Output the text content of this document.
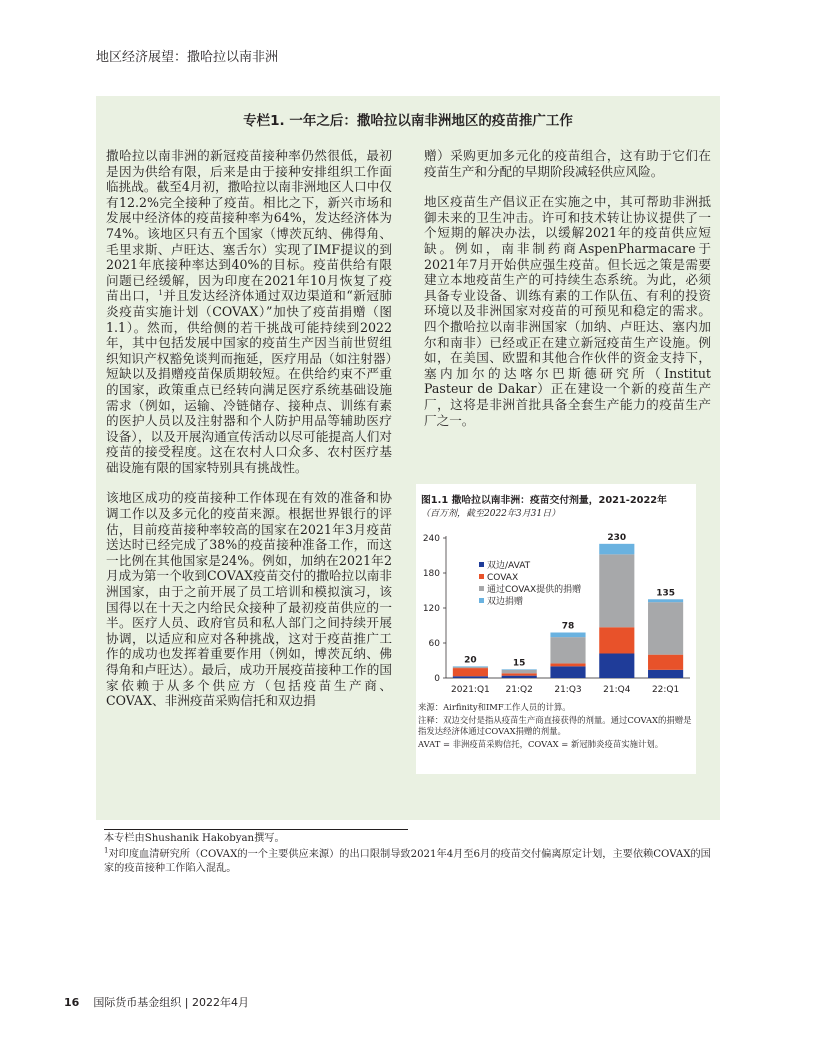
地区经济展望：撒哈拉以南非洲
专栏1. 一年之后：撒哈拉以南非洲地区的疫苗推广工作

撒哈拉以南非洲的新冠疫苗接种率仍然很低，最初是因为供给有限，后来是由于接种安排组织工作面临挑战。截至4月初，撒哈拉以南非洲地区人口中仅有12.2%完全接种了疫苗。相比之下，新兴市场和发展中经济体的疫苗接种率为64%，发达经济体为74%。该地区只有五个国家（博茨瓦纳、佛得角、毛里求斯、卢旺达、塞舌尔）实现了IMF提议的到2021年底接种率达到40%的目标。疫苗供给有限问题已经缓解，因为印度在2021年10月恢复了疫苗出口，$^1$并且发达经济体通过双边渠道和“新冠肺炎疫苗实施计划（COVAX）”加快了疫苗捐赠（图1.1）。然而，供给侧的若干挑战可能持续到2022年，其中包括发展中国家的疫苗生产因当前世贸组织知识产权豁免谈判而拖延，医疗用品（如注射器）短缺以及捐赠疫苗保质期较短。在供给约束不严重的国家，政策重点已经转向满足医疗系统基础设施需求（例如，运输、冷链储存、接种点、训练有素的医护人员以及注射器和个人防护用品等辅助医疗设备），以及开展沟通宣传活动以尽可能提高人们对疫苗的接受程度。这在农村人口众多、农村医疗基础设施有限的国家特别具有挑战性。

该地区成功的疫苗接种工作体现在有效的准备和协调工作以及多元化的疫苗来源。根据世界银行的评估，目前疫苗接种率较高的国家在2021年3月疫苗送达时已经完成了38%的疫苗接种准备工作，而这一比例在其他国家是24%。例如，加纳在2021年2月成为第一个收到COVAX疫苗交付的撒哈拉以南非洲国家，由于之前开展了员工培训和模拟演习，该国得以在十天之内给民众接种了最初疫苗供应的一半。医疗人员、政府官员和私人部门之间持续开展协调，以适应和应对各种挑战，这对于疫苗推广工作的成功也发挥着重要作用（例如，博茨瓦纳、佛得角和卢旺达）。最后，成功开展疫苗接种工作的国家依赖于从多个供应方（包括疫苗生产商、COVAX、非洲疫苗采购信托和双边捐

赠）采购更加多元化的疫苗组合，这有助于它们在疫苗生产和分配的早期阶段减轻供应风险。

地区疫苗生产倡议正在实施之中，其可帮助非洲抵御未来的卫生冲击。许可和技术转让协议提供了一个短期的解决办法，以缓解2021年的疫苗供应短缺。例如，南非制药商AspenPharmacare于2021年7月开始供应强生疫苗。但长远之策是需要建立本地疫苗生产的可持续生态系统。为此，必须具备专业设备、训练有素的工作队伍、有利的投资环境以及非洲国家对疫苗的可预见和稳定的需求。四个撒哈拉以南非洲国家（加纳、卢旺达、塞内加尔和南非）已经或正在建立新冠疫苗生产设施。例如，在美国、欧盟和其他合作伙伴的资金支持下，塞内加尔的达喀尔巴斯德研究所（Institut Pasteur de Dakar）正在建设一个新的疫苗生产厂，这将是非洲首批具备全套生产能力的疫苗生产厂之一。

图1.1 撒哈拉以南非洲：疫苗交付剂量，2021-2022年
（百万剂，截至2022年3月31日）
0
60
120
180
240
20
2021:Q1
15
21:Q2
78
21:Q3
230
21:Q4
135
22:Q1
双边/AVAT
COVAX
通过COVAX提供的捐赠
双边捐赠
来源：Airfinity和IMF工作人员的计算。
注释：双边交付是指从疫苗生产商直接获得的剂量。通过COVAX的捐赠是指发达经济体通过COVAX捐赠的剂量。
AVAT = 非洲疫苗采购信托，COVAX = 新冠肺炎疫苗实施计划。
本专栏由Shushanik Hakobyan撰写。
$^1$对印度血清研究所（COVAX的一个主要供应来源）的出口限制导致2021年4月至6月的疫苗交付偏离原定计划，主要依赖COVAX的国家的疫苗接种工作陷入混乱。
16 国际货币基金组织 | 2022年4月
